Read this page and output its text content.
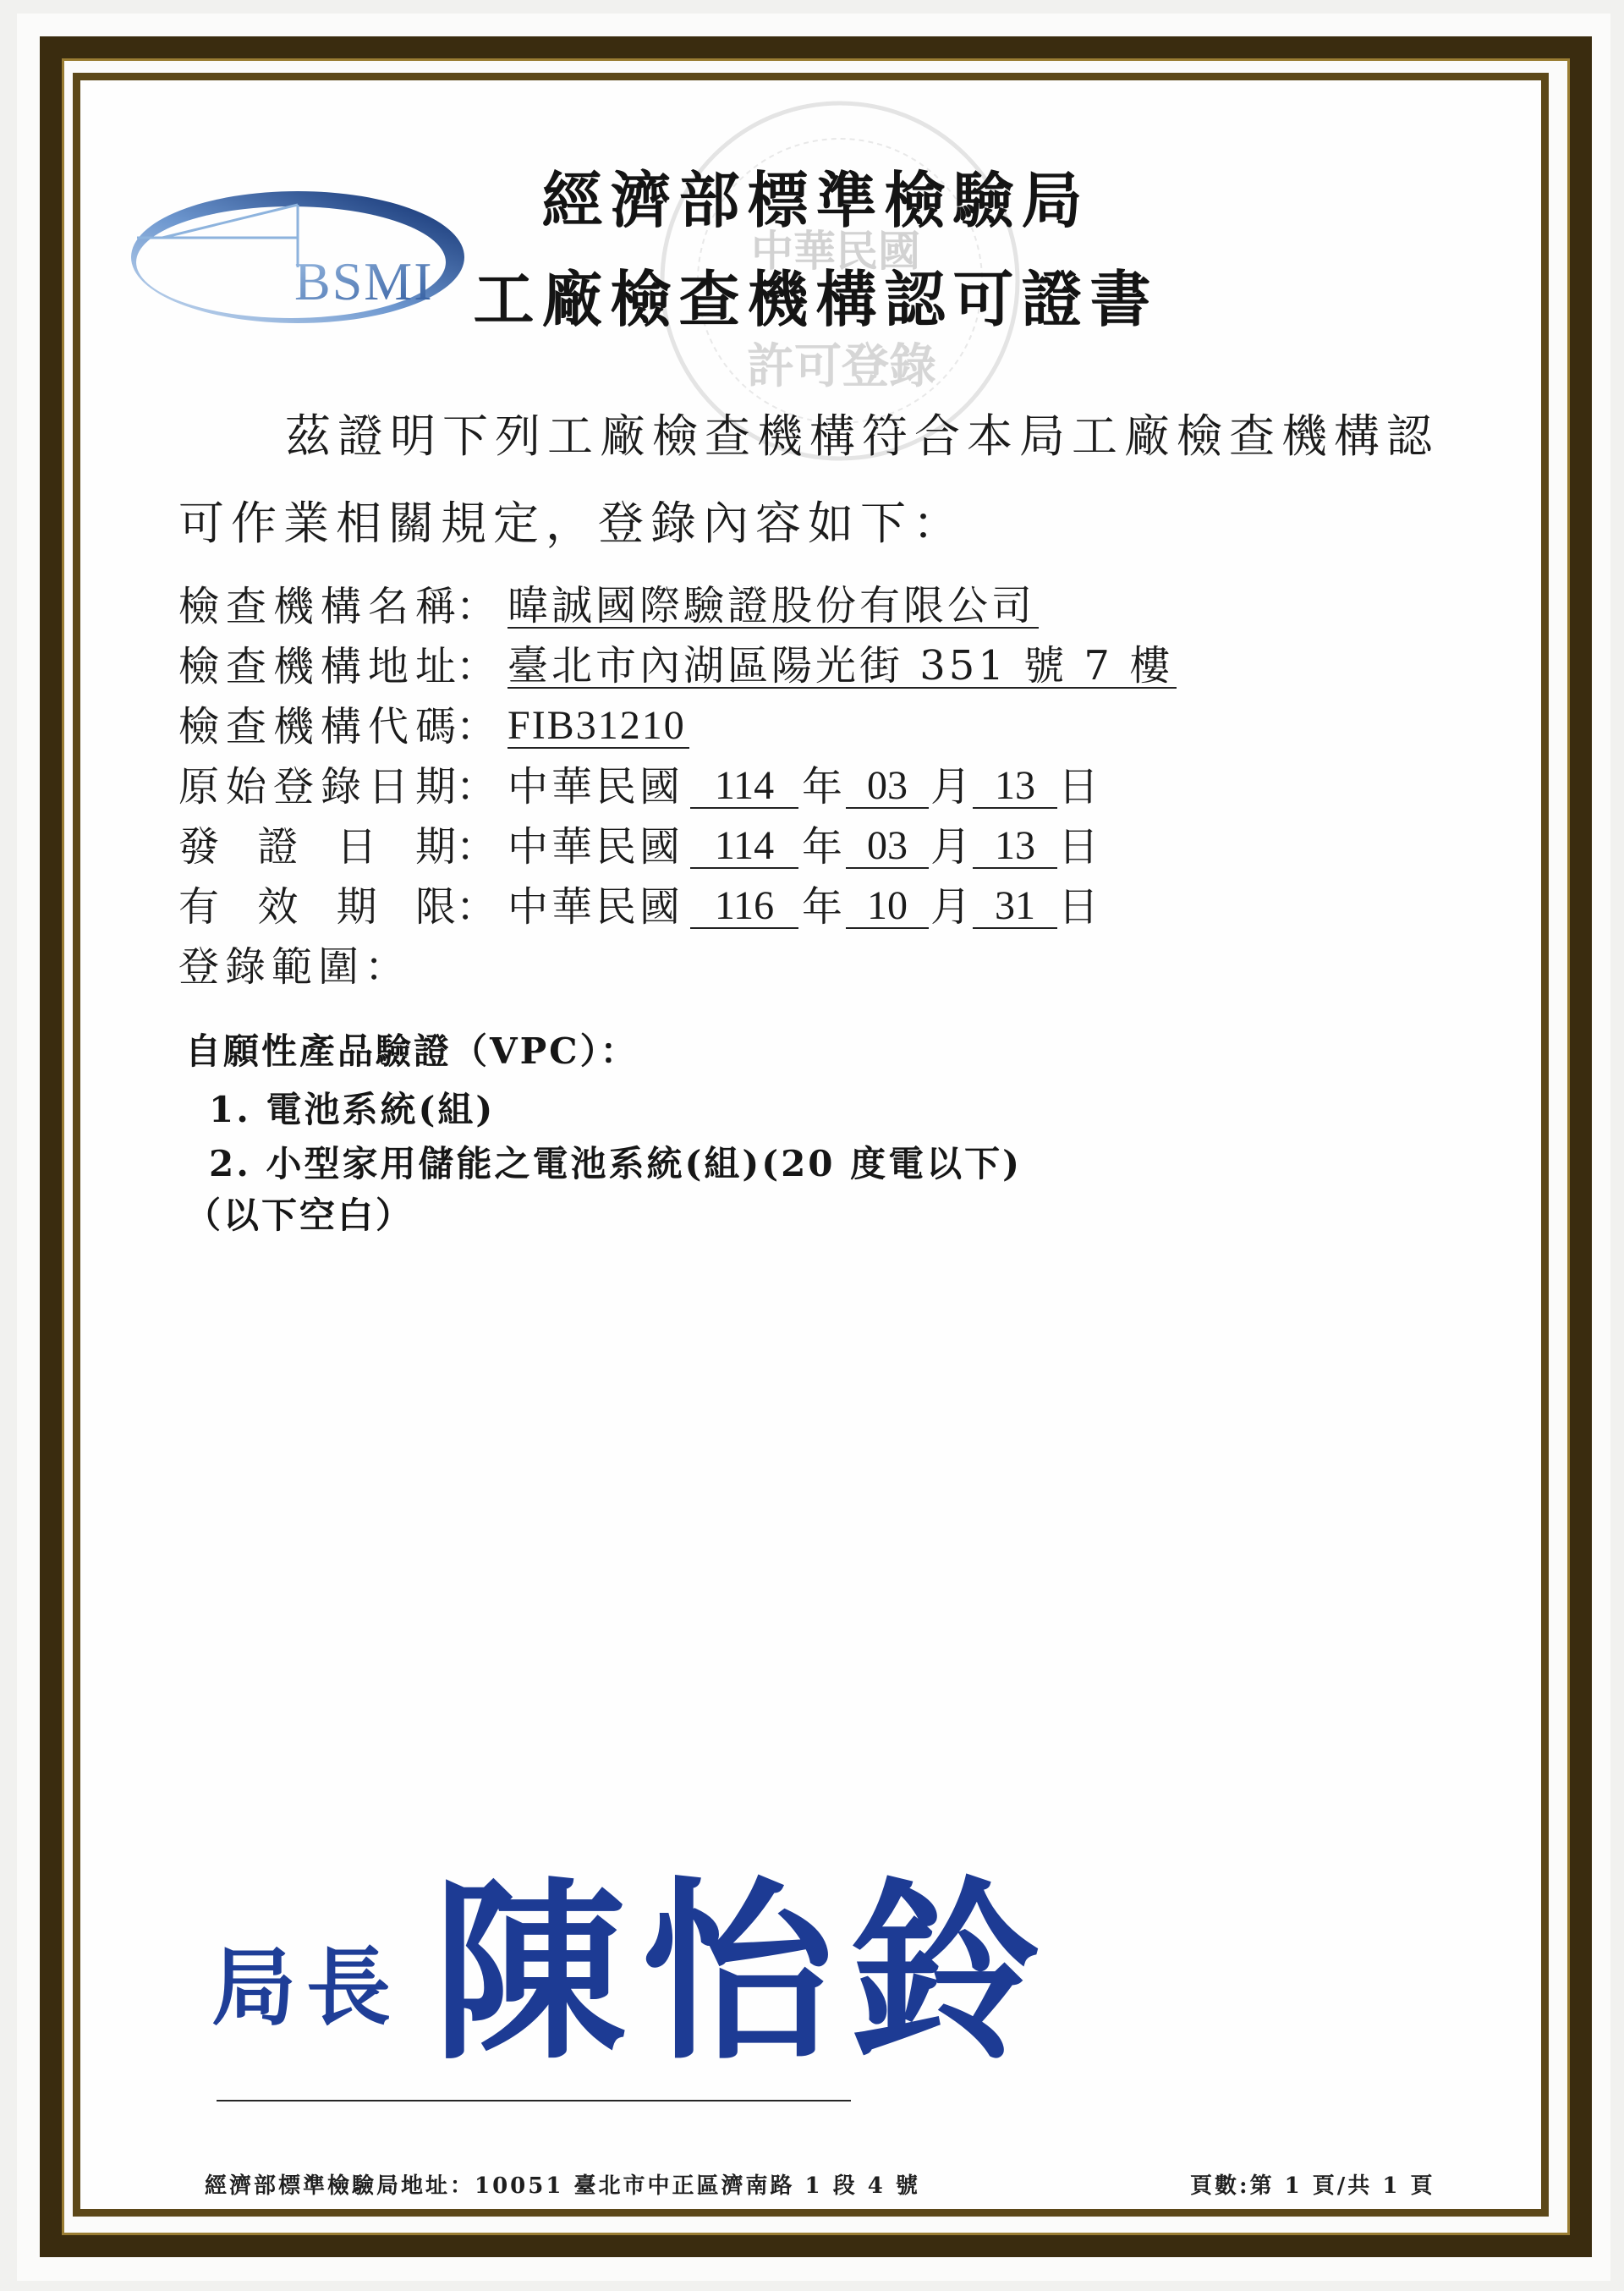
中華民國
許可登錄
BSMI
經濟部標準檢驗局
工廠檢查機構認可證書
茲證明下列工廠檢查機構符合本局工廠檢查機構認
可作業相關規定，登錄內容如下：
檢查機構名稱 ： 暐誠國際驗證股份有限公司
檢查機構地址 ： 臺北市內湖區陽光街 351 號 7 樓
檢查機構代碼 ： FIB31210
原始登錄日期 ： 中華民國 114 年 03 月 13 日
發證日期 ： 中華民國 114 年 03 月 13 日
有效期限 ： 中華民國 116 年 10 月 31 日
登錄範圍 ：
自願性產品驗證（VPC）：
1. 電池系統(組)
2. 小型家用儲能之電池系統(組)(20 度電以下)
（以下空白）
局長 陳怡鈴
經濟部標準檢驗局地址：10051 臺北市中正區濟南路 1 段 4 號	頁數:第 1 頁/共 1 頁
